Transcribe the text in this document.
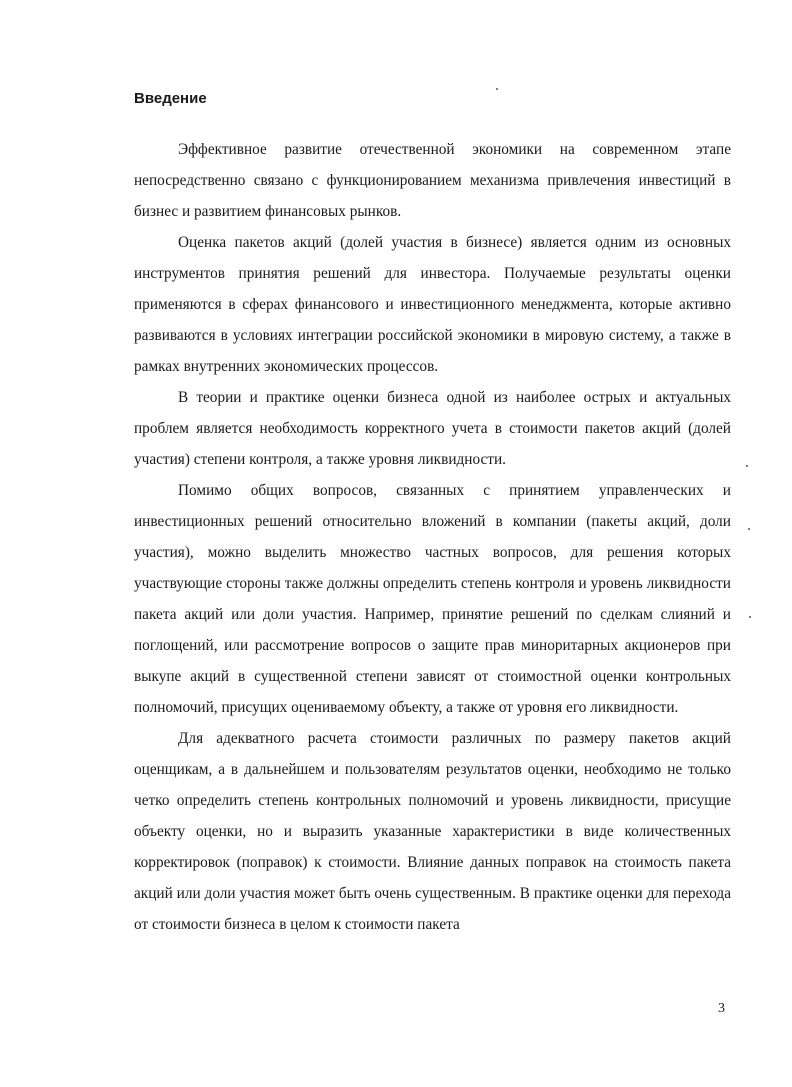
Введение

Эффективное развитие отечественной экономики на современном этапе непосредственно связано с функционированием механизма привлечения инвестиций в бизнес и развитием финансовых рынков.

Оценка пакетов акций (долей участия в бизнесе) является одним из основных инструментов принятия решений для инвестора. Получаемые результаты оценки применяются в сферах финансового и инвестиционного менеджмента, которые активно развиваются в условиях интеграции российской экономики в мировую систему, а также в рамках внутренних экономических процессов.

В теории и практике оценки бизнеса одной из наиболее острых и актуальных проблем является необходимость корректного учета в стоимости пакетов акций (долей участия) степени контроля, а также уровня ликвидности.

Помимо общих вопросов, связанных с принятием управленческих и инвестиционных решений относительно вложений в компании (пакеты акций, доли участия), можно выделить множество частных вопросов, для решения которых участвующие стороны также должны определить степень контроля и уровень ликвидности пакета акций или доли участия. Например, принятие решений по сделкам слияний и поглощений, или рассмотрение вопросов о защите прав миноритарных акционеров при выкупе акций в существенной степени зависят от стоимостной оценки контрольных полномочий, присущих оцениваемому объекту, а также от уровня его ликвидности.

Для адекватного расчета стоимости различных по размеру пакетов акций оценщикам, а в дальнейшем и пользователям результатов оценки, необходимо не только четко определить степень контрольных полномочий и уровень ликвидности, присущие объекту оценки, но и выразить указанные характеристики в виде количественных корректировок (поправок) к стоимости. Влияние данных поправок на стоимость пакета акций или доли участия может быть очень существенным. В практике оценки для перехода от стоимости бизнеса в целом к стоимости пакета

3
